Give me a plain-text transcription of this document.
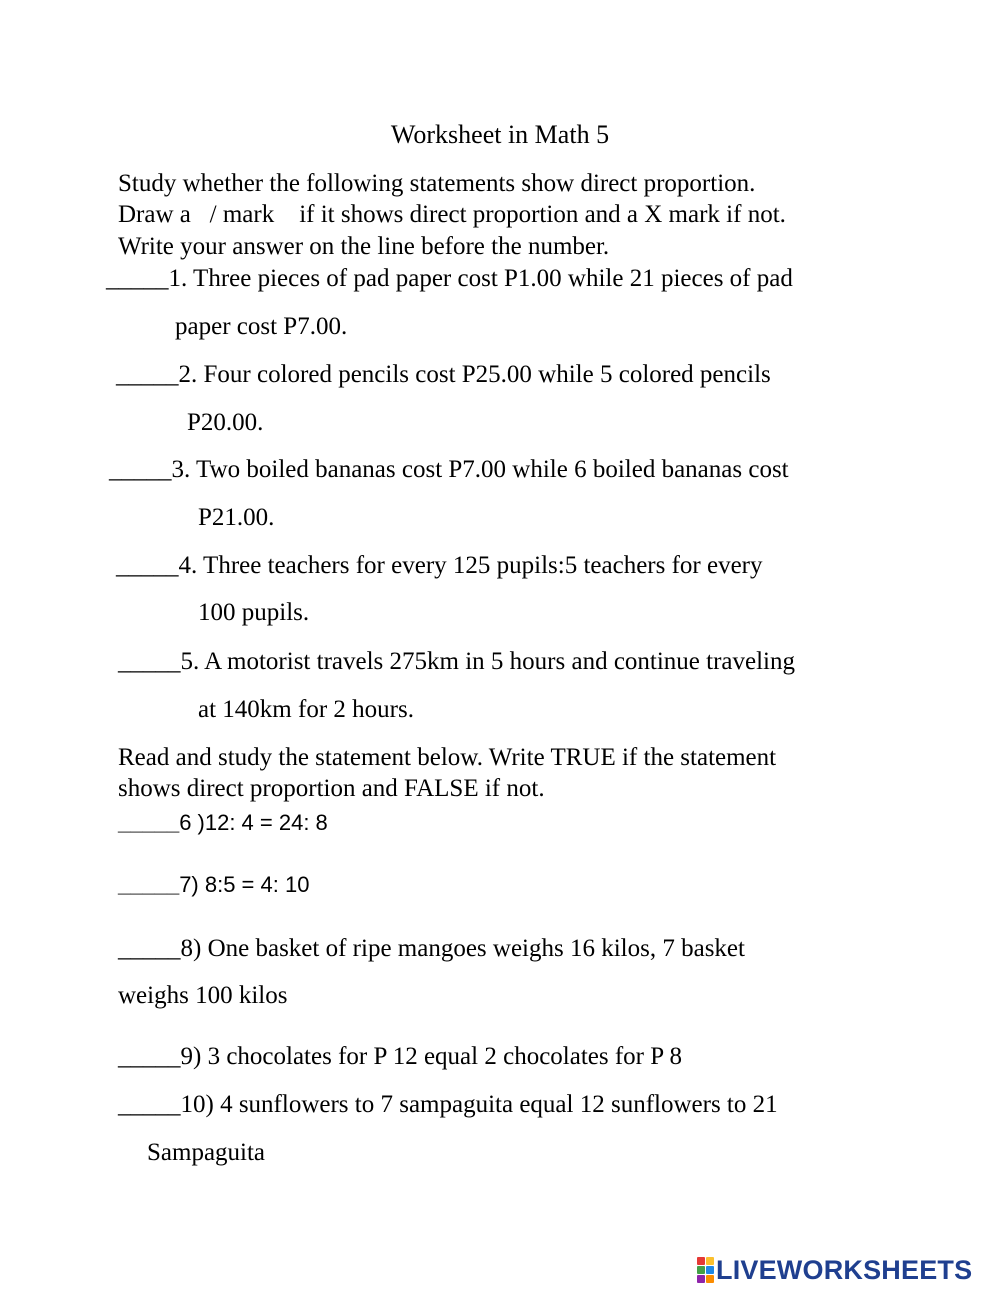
Worksheet in Math 5
Study whether the following statements show direct proportion.
Draw a   / mark    if it shows direct proportion and a X mark if not.
Write your answer on the line before the number.
_____1. Three pieces of pad paper cost P1.00 while 21 pieces of pad
paper cost P7.00.
_____2. Four colored pencils cost P25.00 while 5 colored pencils
P20.00.
_____3. Two boiled bananas cost P7.00 while 6 boiled bananas cost
P21.00.
_____4. Three teachers for every 125 pupils:5 teachers for every
100 pupils.
_____5. A motorist travels 275km in 5 hours and continue traveling
at 140km for 2 hours.
Read and study the statement below. Write TRUE if the statement
shows direct proportion and FALSE if not.
_____6 )12: 4 = 24: 8
_____7) 8:5 = 4: 10
_____8) One basket of ripe mangoes weighs 16 kilos, 7 basket
weighs 100 kilos
_____9) 3 chocolates for P 12 equal 2 chocolates for P 8
_____10) 4 sunflowers to 7 sampaguita equal 12 sunflowers to 21
Sampaguita
LIVEWORKSHEETS
